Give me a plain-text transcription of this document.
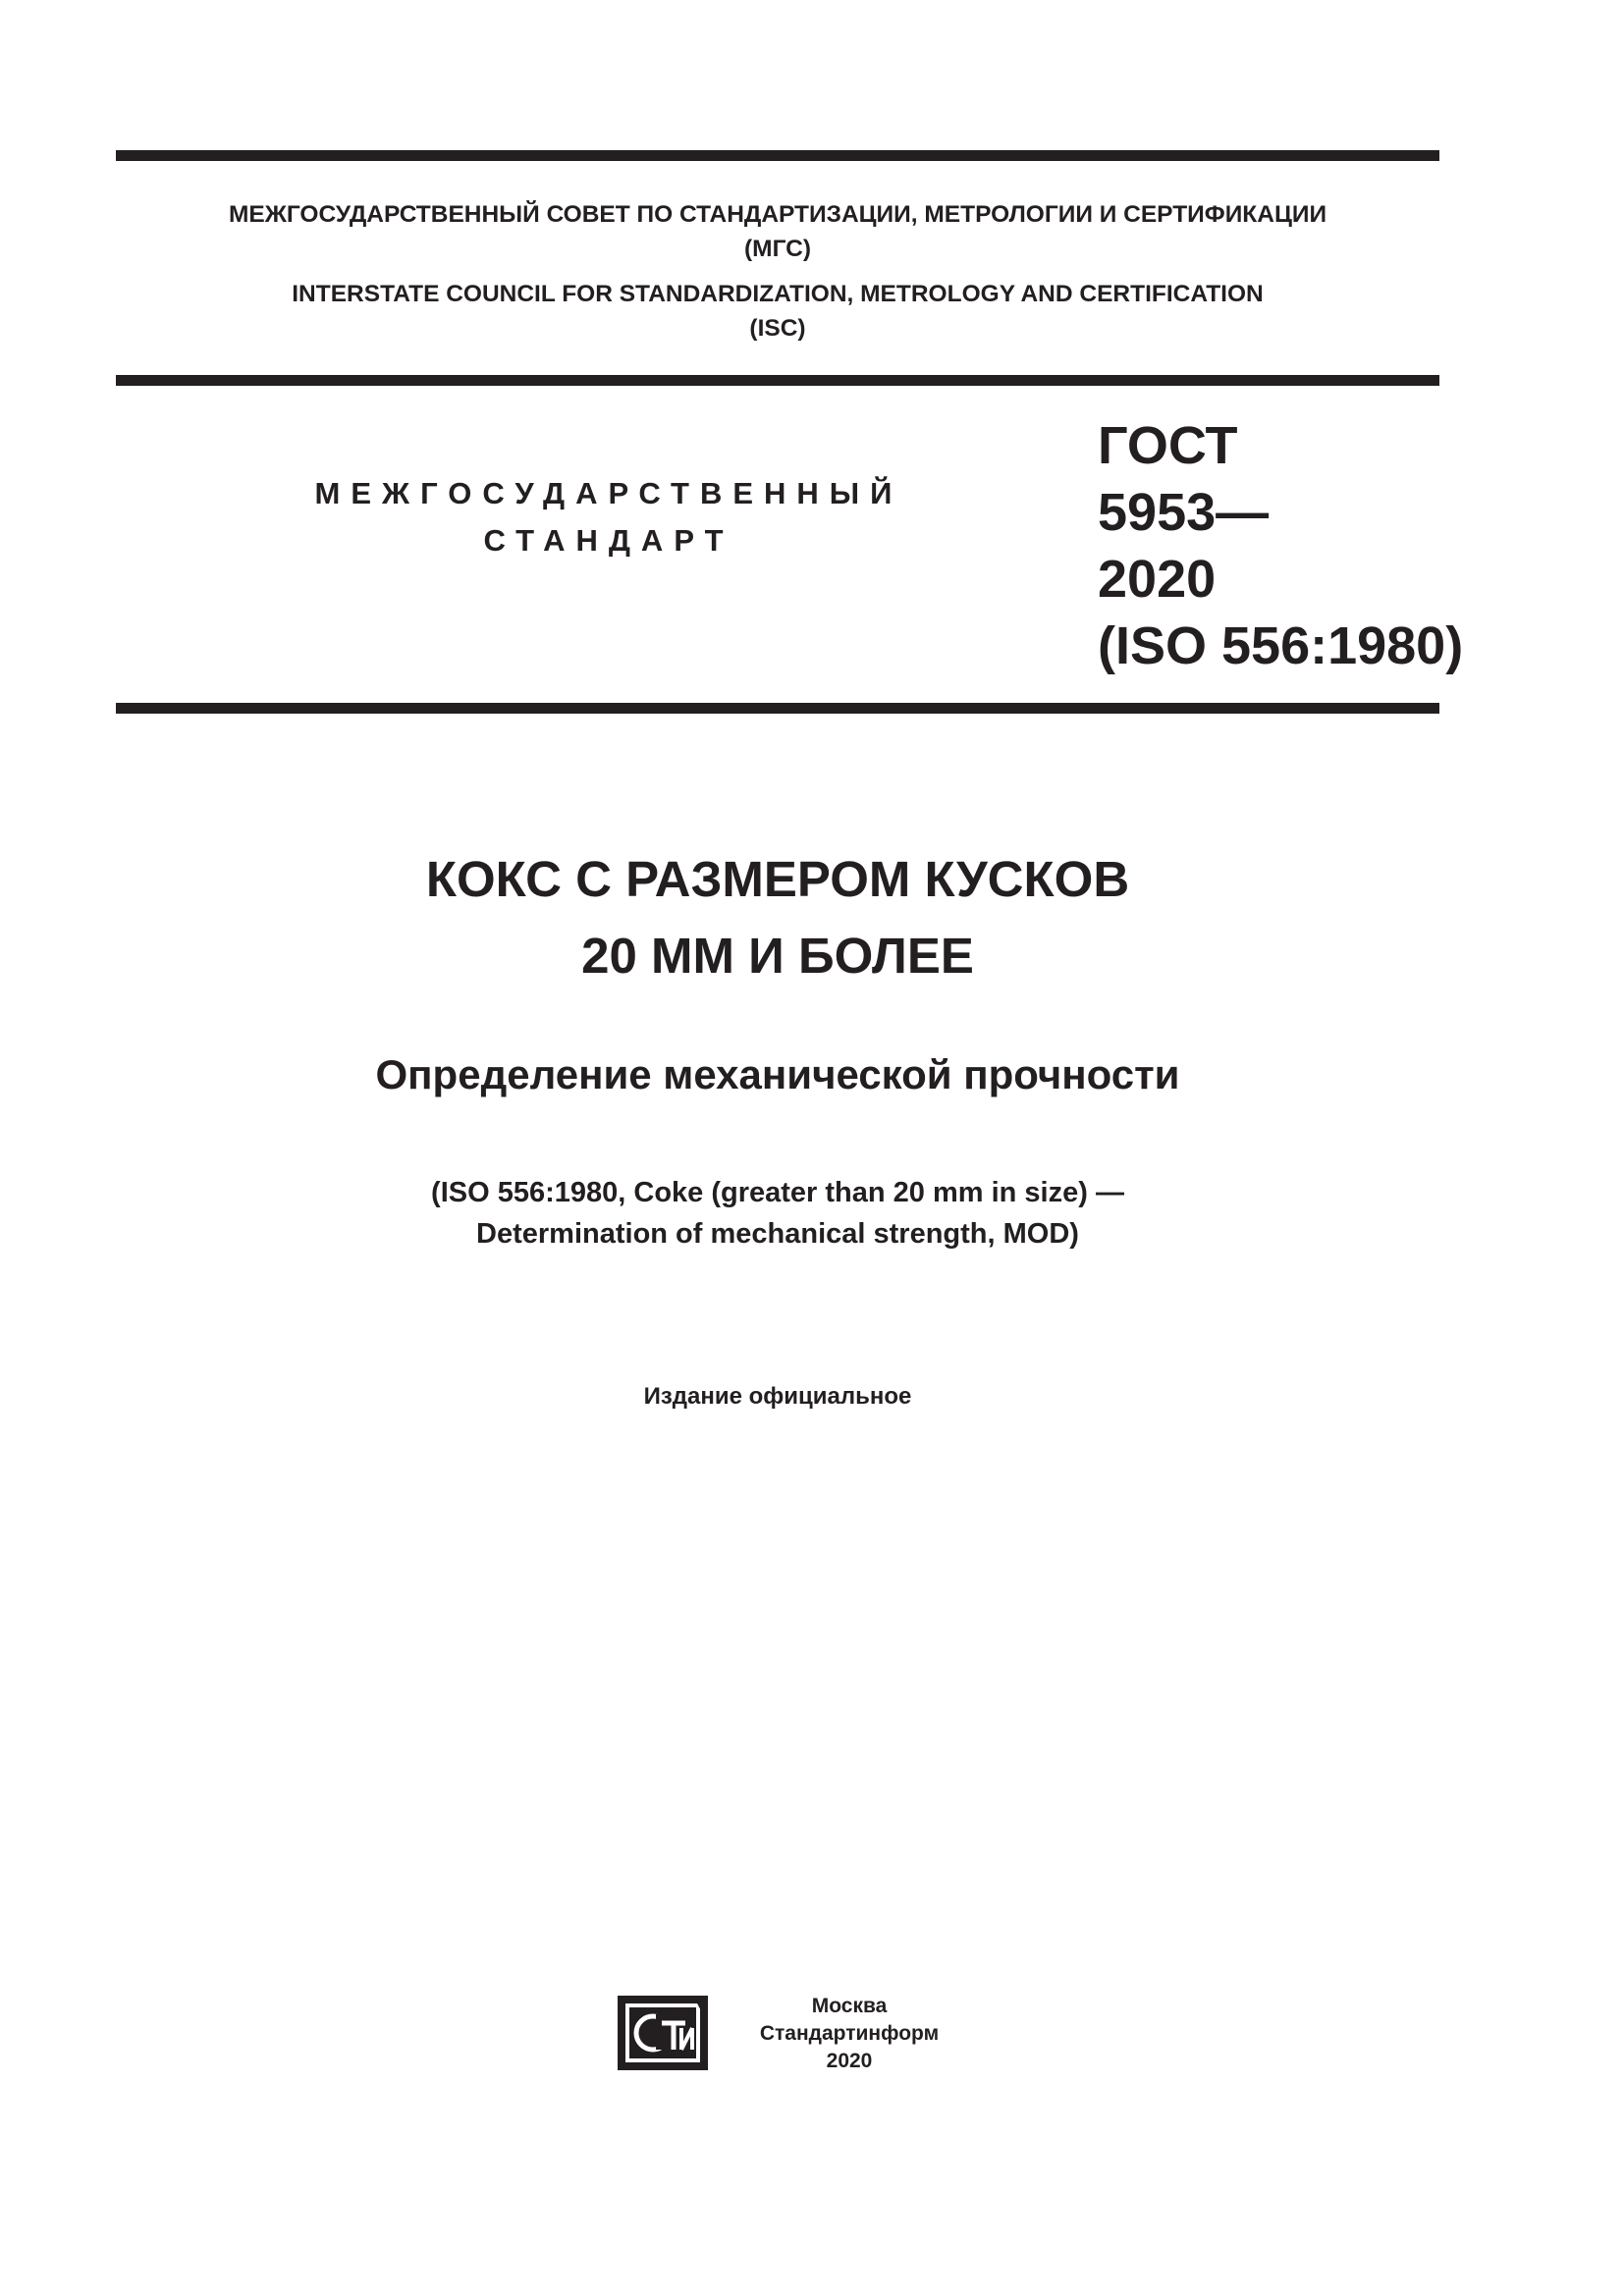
МЕЖГОСУДАРСТВЕННЫЙ СОВЕТ ПО СТАНДАРТИЗАЦИИ, МЕТРОЛОГИИ И СЕРТИФИКАЦИИ
(МГС)
INTERSTATE COUNCIL FOR STANDARDIZATION, METROLOGY AND CERTIFICATION
(ISC)
МЕЖГОСУДАРСТВЕННЫЙ
СТАНДАРТ
ГОСТ
5953—
2020
(ISO 556:1980)
КОКС С РАЗМЕРОМ КУСКОВ
20 ММ И БОЛЕЕ
Определение механической прочности
(ISO 556:1980, Coke (greater than 20 mm in size) —
Determination of mechanical strength, MOD)
Издание официальное
Москва
Стандартинформ
2020
